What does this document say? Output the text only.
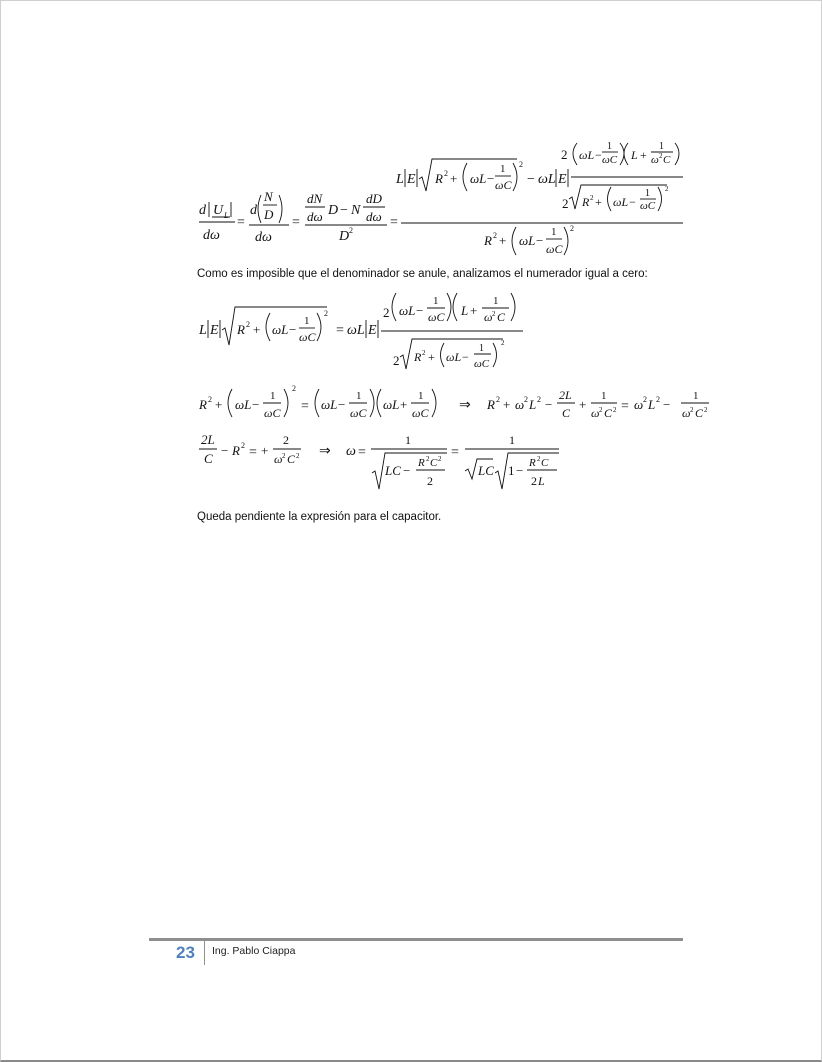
d U L
dω
=
d
N
D
dω
=
dN
dω D − N
dD
dω
D 2
=
L E R 2 + ωL −
1
ωC
2
− ωL E
2 ωL −
1
ωC L +
1
ω 2 C
2 R 2 + ωL −
1
ωC
2
R 2 + ωL −
1
ωC
2
Como es imposible que el denominador se anule, analizamos el numerador igual a cero:
L E R 2 + ωL −
1
ωC
2
= ωL E
2 ωL −
1
ωC L +
1
ω 2 C
2 R 2 + ωL −
1
ωC
2
R 2 + ωL −
1
ωC
2
= ωL −
1
ωC
ωL +
1
ωC ⇒ R 2 + ω 2 L 2 −
2L
C
+
1
ω 2 C 2 = ω 2 L 2 −
1
ω 2 C 2
2L
C
− R 2 = +
2
ω 2 C 2 ⇒ ω =
1
LC − R 2 C 2
2
=
1
LC 1 − R 2 C
2 L
Queda pendiente la expresión para el capacitor.
23	Ing. Pablo Ciappa
